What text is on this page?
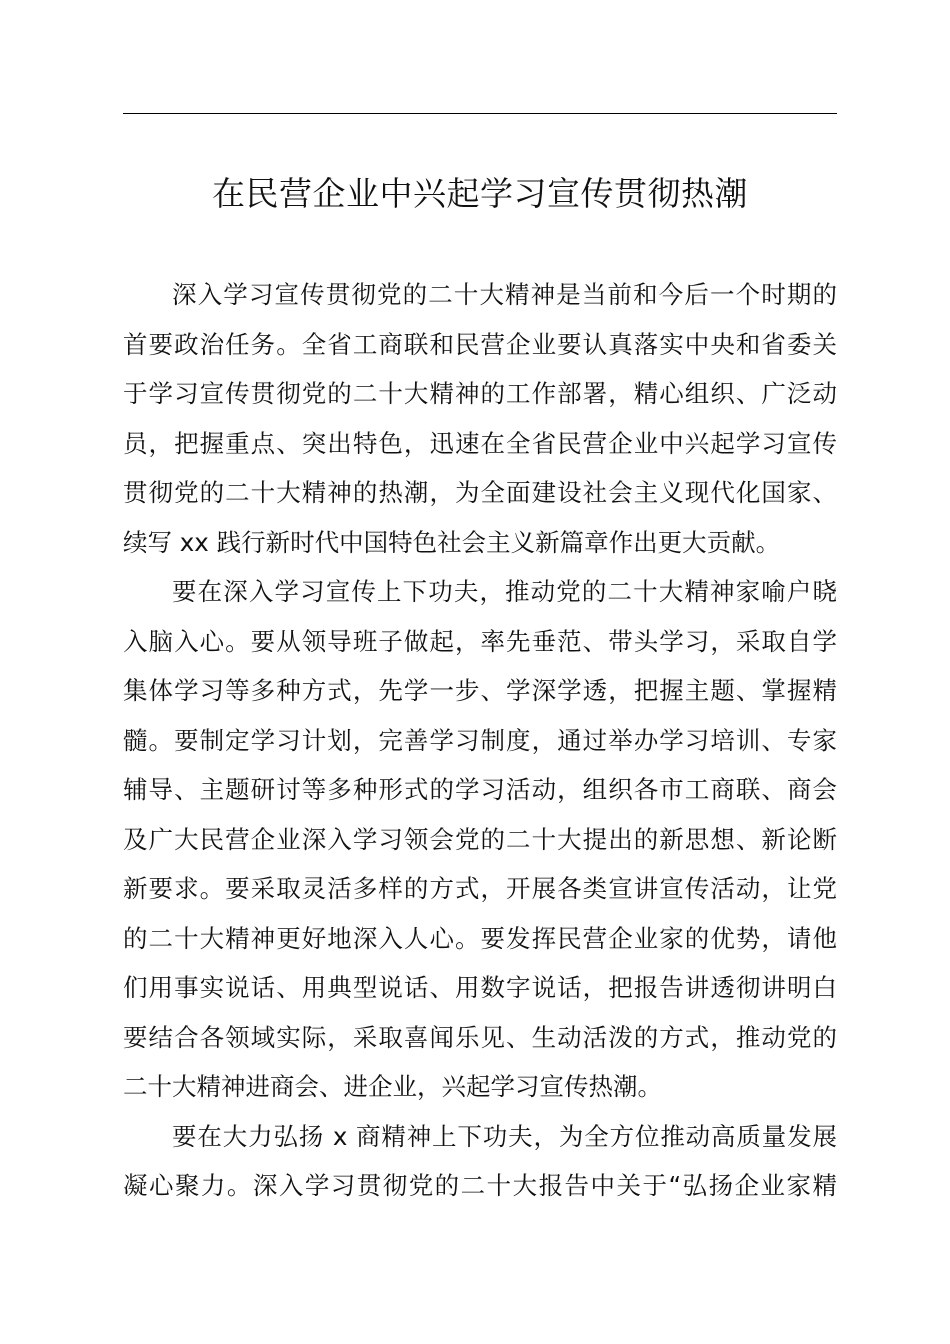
在民营企业中兴起学习宣传贯彻热潮
深入学习宣传贯彻党的二十大精神是当前和今后一个时期的
首要政治任务。全省工商联和民营企业要认真落实中央和省委关
于学习宣传贯彻党的二十大精神的工作部署，精心组织、广泛动
员，把握重点、突出特色，迅速在全省民营企业中兴起学习宣传
贯彻党的二十大精神的热潮，为全面建设社会主义现代化国家、
续写 xx 践行新时代中国特色社会主义新篇章作出更大贡献。
要在深入学习宣传上下功夫，推动党的二十大精神家喻户晓
入脑入心。要从领导班子做起，率先垂范、带头学习，采取自学
集体学习等多种方式，先学一步、学深学透，把握主题、掌握精
髓。要制定学习计划，完善学习制度，通过举办学习培训、专家
辅导、主题研讨等多种形式的学习活动，组织各市工商联、商会
及广大民营企业深入学习领会党的二十大提出的新思想、新论断
新要求。要采取灵活多样的方式，开展各类宣讲宣传活动，让党
的二十大精神更好地深入人心。要发挥民营企业家的优势，请他
们用事实说话、用典型说话、用数字说话，把报告讲透彻讲明白
要结合各领域实际，采取喜闻乐见、生动活泼的方式，推动党的
二十大精神进商会、进企业，兴起学习宣传热潮。
要在大力弘扬 x 商精神上下功夫，为全方位推动高质量发展
凝心聚力。深入学习贯彻党的二十大报告中关于“弘扬企业家精
